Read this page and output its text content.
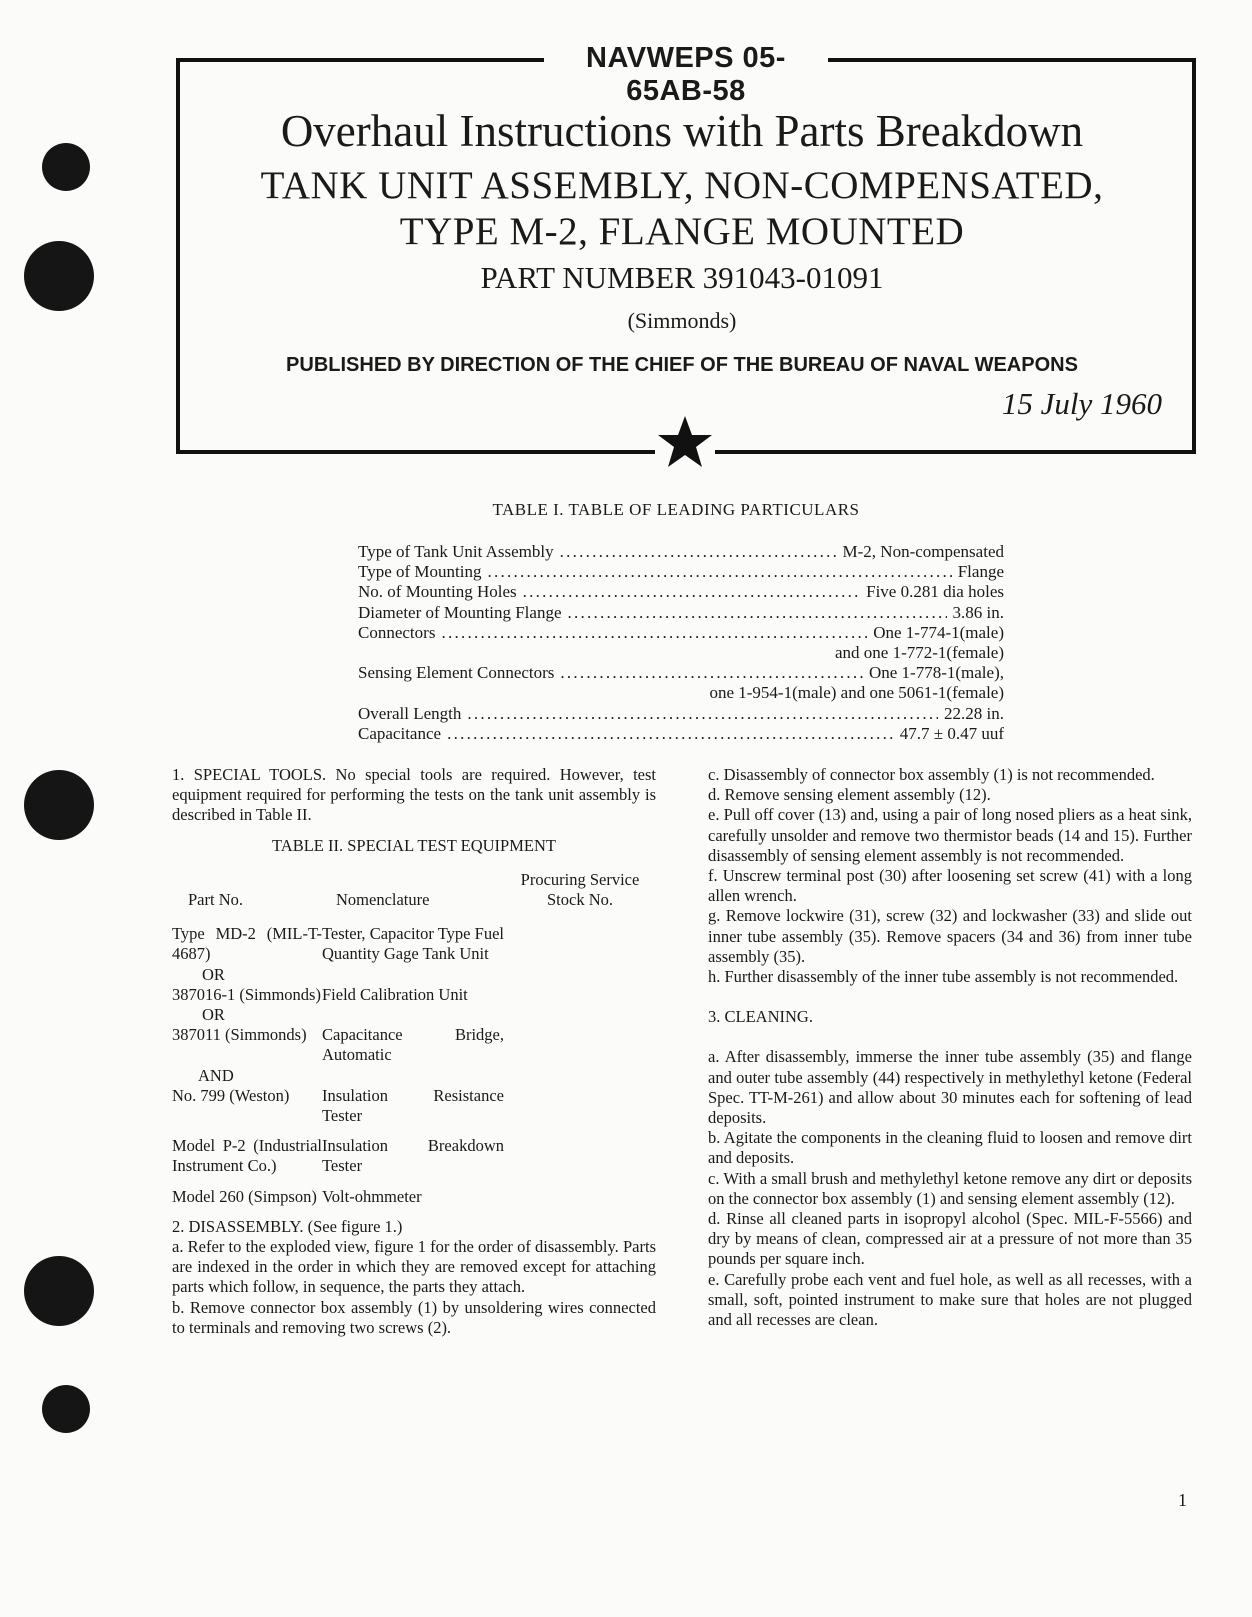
NAVWEPS 05-65AB-58
Overhaul Instructions with Parts Breakdown
TANK UNIT ASSEMBLY, NON-COMPENSATED,
TYPE M-2, FLANGE MOUNTED
PART NUMBER 391043-01091
(Simmonds)
PUBLISHED BY DIRECTION OF THE CHIEF OF THE BUREAU OF NAVAL WEAPONS
15 July 1960
TABLE I. TABLE OF LEADING PARTICULARS
Type of Tank Unit Assembly . . .	M-2, Non-compensated
Type of Mounting . . .	Flange
No. of Mounting Holes . . .	Five 0.281 dia holes
Diameter of Mounting Flange . . .	3.86 in.
Connectors . . .	One 1-774-1(male)
and one 1-772-1(female)
Sensing Element Connectors . . .	One 1-778-1(male),
one 1-954-1(male) and one 5061-1(female)
Overall Length . . .	22.28 in.
Capacitance . . .	47.7 ± 0.47 uuf

1. SPECIAL TOOLS. No special tools are required. However, test equipment required for performing the tests on the tank unit assembly is described in Table II.

TABLE II. SPECIAL TEST EQUIPMENT

Part No.	Nomenclature	Procuring Service Stock No.

Type MD-2 (MIL-T-4687)	Tester, Capacitor Type Fuel Quantity Gage Tank Unit	
OR		
387016-1 (Simmonds)	Field Calibration Unit	
OR		
387011 (Simmonds)	Capacitance Bridge, Automatic	
AND		
No. 799 (Weston)	Insulation Resistance Tester	

Model P-2 (Industrial Instrument Co.)	Insulation Breakdown Tester	

Model 260 (Simpson)	Volt-ohmmeter	

2. DISASSEMBLY. (See figure 1.)

a. Refer to the exploded view, figure 1 for the order of disassembly. Parts are indexed in the order in which they are removed except for attaching parts which follow, in sequence, the parts they attach.

b. Remove connector box assembly (1) by unsoldering wires connected to terminals and removing two screws (2).

c. Disassembly of connector box assembly (1) is not recommended.

d. Remove sensing element assembly (12).

e. Pull off cover (13) and, using a pair of long nosed pliers as a heat sink, carefully unsolder and remove two thermistor beads (14 and 15). Further disassembly of sensing element assembly is not recommended.

f. Unscrew terminal post (30) after loosening set screw (41) with a long allen wrench.

g. Remove lockwire (31), screw (32) and lockwasher (33) and slide out inner tube assembly (35). Remove spacers (34 and 36) from inner tube assembly (35).

h. Further disassembly of the inner tube assembly is not recommended.

3. CLEANING.

a. After disassembly, immerse the inner tube assembly (35) and flange and outer tube assembly (44) respectively in methylethyl ketone (Federal Spec. TT-M-261) and allow about 30 minutes each for softening of lead deposits.

b. Agitate the components in the cleaning fluid to loosen and remove dirt and deposits.

c. With a small brush and methylethyl ketone remove any dirt or deposits on the connector box assembly (1) and sensing element assembly (12).

d. Rinse all cleaned parts in isopropyl alcohol (Spec. MIL-F-5566) and dry by means of clean, compressed air at a pressure of not more than 35 pounds per square inch.

e. Carefully probe each vent and fuel hole, as well as all recesses, with a small, soft, pointed instrument to make sure that holes are not plugged and all recesses are clean.

1
